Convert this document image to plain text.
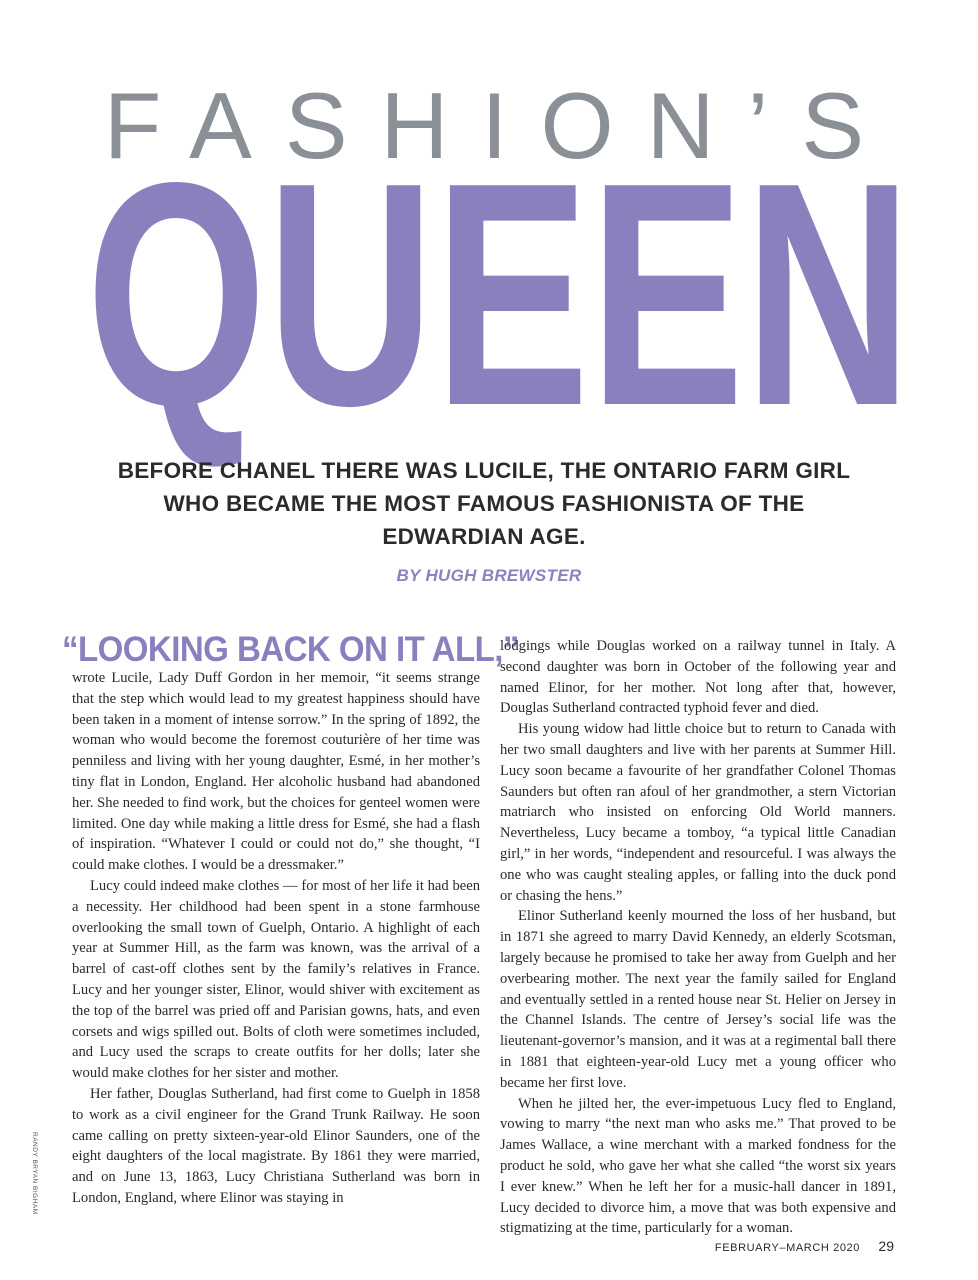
FASHION’S
QUEEN
BEFORE CHANEL THERE WAS LUCILE, THE ONTARIO FARM GIRL WHO BECAME THE MOST FAMOUS FASHIONISTA OF THE EDWARDIAN AGE.
BY HUGH BREWSTER
“LOOKING BACK ON IT ALL,”

wrote Lucile, Lady Duff Gordon in her memoir, “it seems strange that the step which would lead to my greatest happiness should have been taken in a moment of intense sorrow.” In the spring of 1892, the woman who would become the foremost couturière of her time was penniless and living with her young daughter, Esmé, in her mother’s tiny flat in London, England. Her alcoholic husband had abandoned her. She needed to find work, but the choices for genteel women were limited. One day while making a little dress for Esmé, she had a flash of inspiration. “Whatever I could or could not do,” she thought, “I could make clothes. I would be a dressmaker.”

Lucy could indeed make clothes — for most of her life it had been a necessity. Her childhood had been spent in a stone farmhouse overlooking the small town of Guelph, Ontario. A highlight of each year at Summer Hill, as the farm was known, was the arrival of a barrel of cast-off clothes sent by the family’s relatives in France. Lucy and her younger sister, Elinor, would shiver with excitement as the top of the barrel was pried off and Parisian gowns, hats, and even corsets and wigs spilled out. Bolts of cloth were sometimes included, and Lucy used the scraps to create outfits for her dolls; later she would make clothes for her sister and mother.

Her father, Douglas Sutherland, had first come to Guelph in 1858 to work as a civil engineer for the Grand Trunk Railway. He soon came calling on pretty sixteen-year-old Elinor Saunders, one of the eight daughters of the local magistrate. By 1861 they were married, and on June 13, 1863, Lucy Christiana Sutherland was born in London, England, where Elinor was staying in

lodgings while Douglas worked on a railway tunnel in Italy. A second daughter was born in October of the following year and named Elinor, for her mother. Not long after that, however, Douglas Sutherland contracted typhoid fever and died.

His young widow had little choice but to return to Canada with her two small daughters and live with her parents at Summer Hill. Lucy soon became a favourite of her grandfather Colonel Thomas Saunders but often ran afoul of her grandmother, a stern Victorian matriarch who insisted on enforcing Old World manners. Nevertheless, Lucy became a tomboy, “a typical little Canadian girl,” in her words, “independent and resourceful. I was always the one who was caught stealing apples, or falling into the duck pond or chasing the hens.”

Elinor Sutherland keenly mourned the loss of her husband, but in 1871 she agreed to marry David Kennedy, an elderly Scotsman, largely because he promised to take her away from Guelph and her overbearing mother. The next year the family sailed for England and eventually settled in a rented house near St. Helier on Jersey in the Channel Islands. The centre of Jersey’s social life was the lieutenant-governor’s mansion, and it was at a regimental ball there in 1881 that eighteen-year-old Lucy met a young officer who became her first love.

When he jilted her, the ever-impetuous Lucy fled to England, vowing to marry “the next man who asks me.” That proved to be James Wallace, a wine merchant with a marked fondness for the product he sold, who gave her what she called “the worst six years I ever knew.” When he left her for a music-hall dancer in 1891, Lucy decided to divorce him, a move that was both expensive and stigmatizing at the time, particularly for a woman.

RANDY BRYAN BIGHAM
FEBRUARY–MARCH 2020 29
